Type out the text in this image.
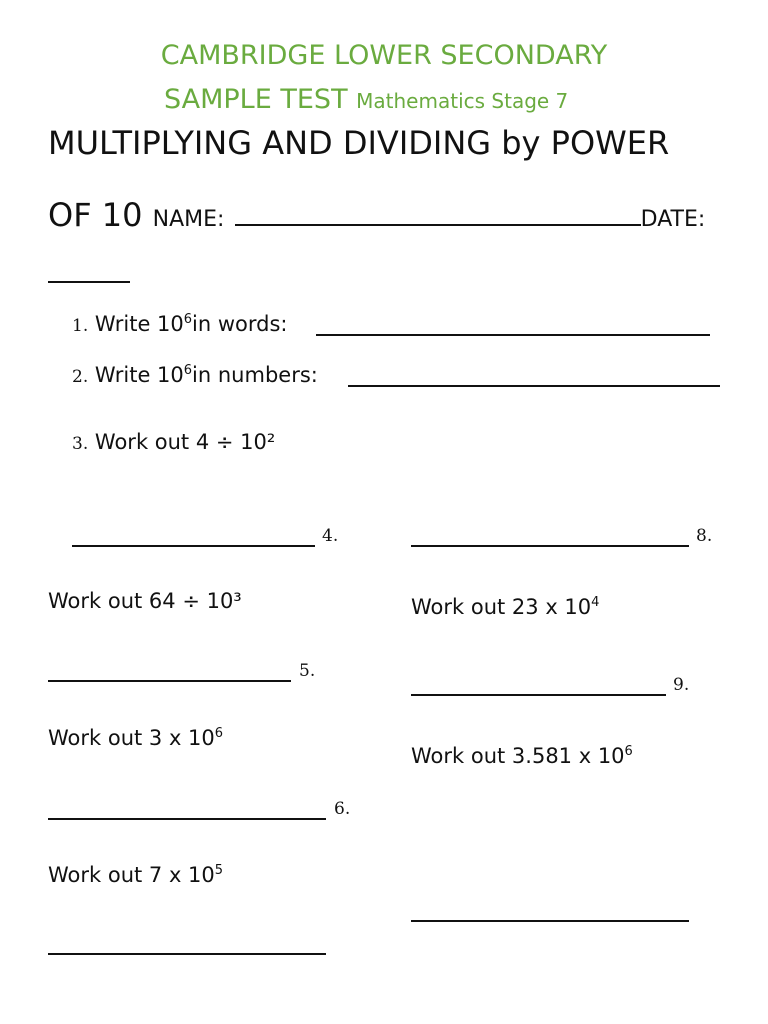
CAMBRIDGE LOWER SECONDARY
SAMPLE TEST Mathematics Stage 7
MULTIPLYING AND DIVIDING by POWER
OF 10 NAME:	DATE:
1. Write $10^6in$ words:
2. Write $10^6in$ numbers:
3. Work out 4 ÷ 10²
4.
Work out 64 ÷ 10³
5.
Work out 3 x $10^6$
6.
Work out 7 x $10^5$
8.
Work out 23 x $10^4$
9.
Work out 3.581 x $10^6$
